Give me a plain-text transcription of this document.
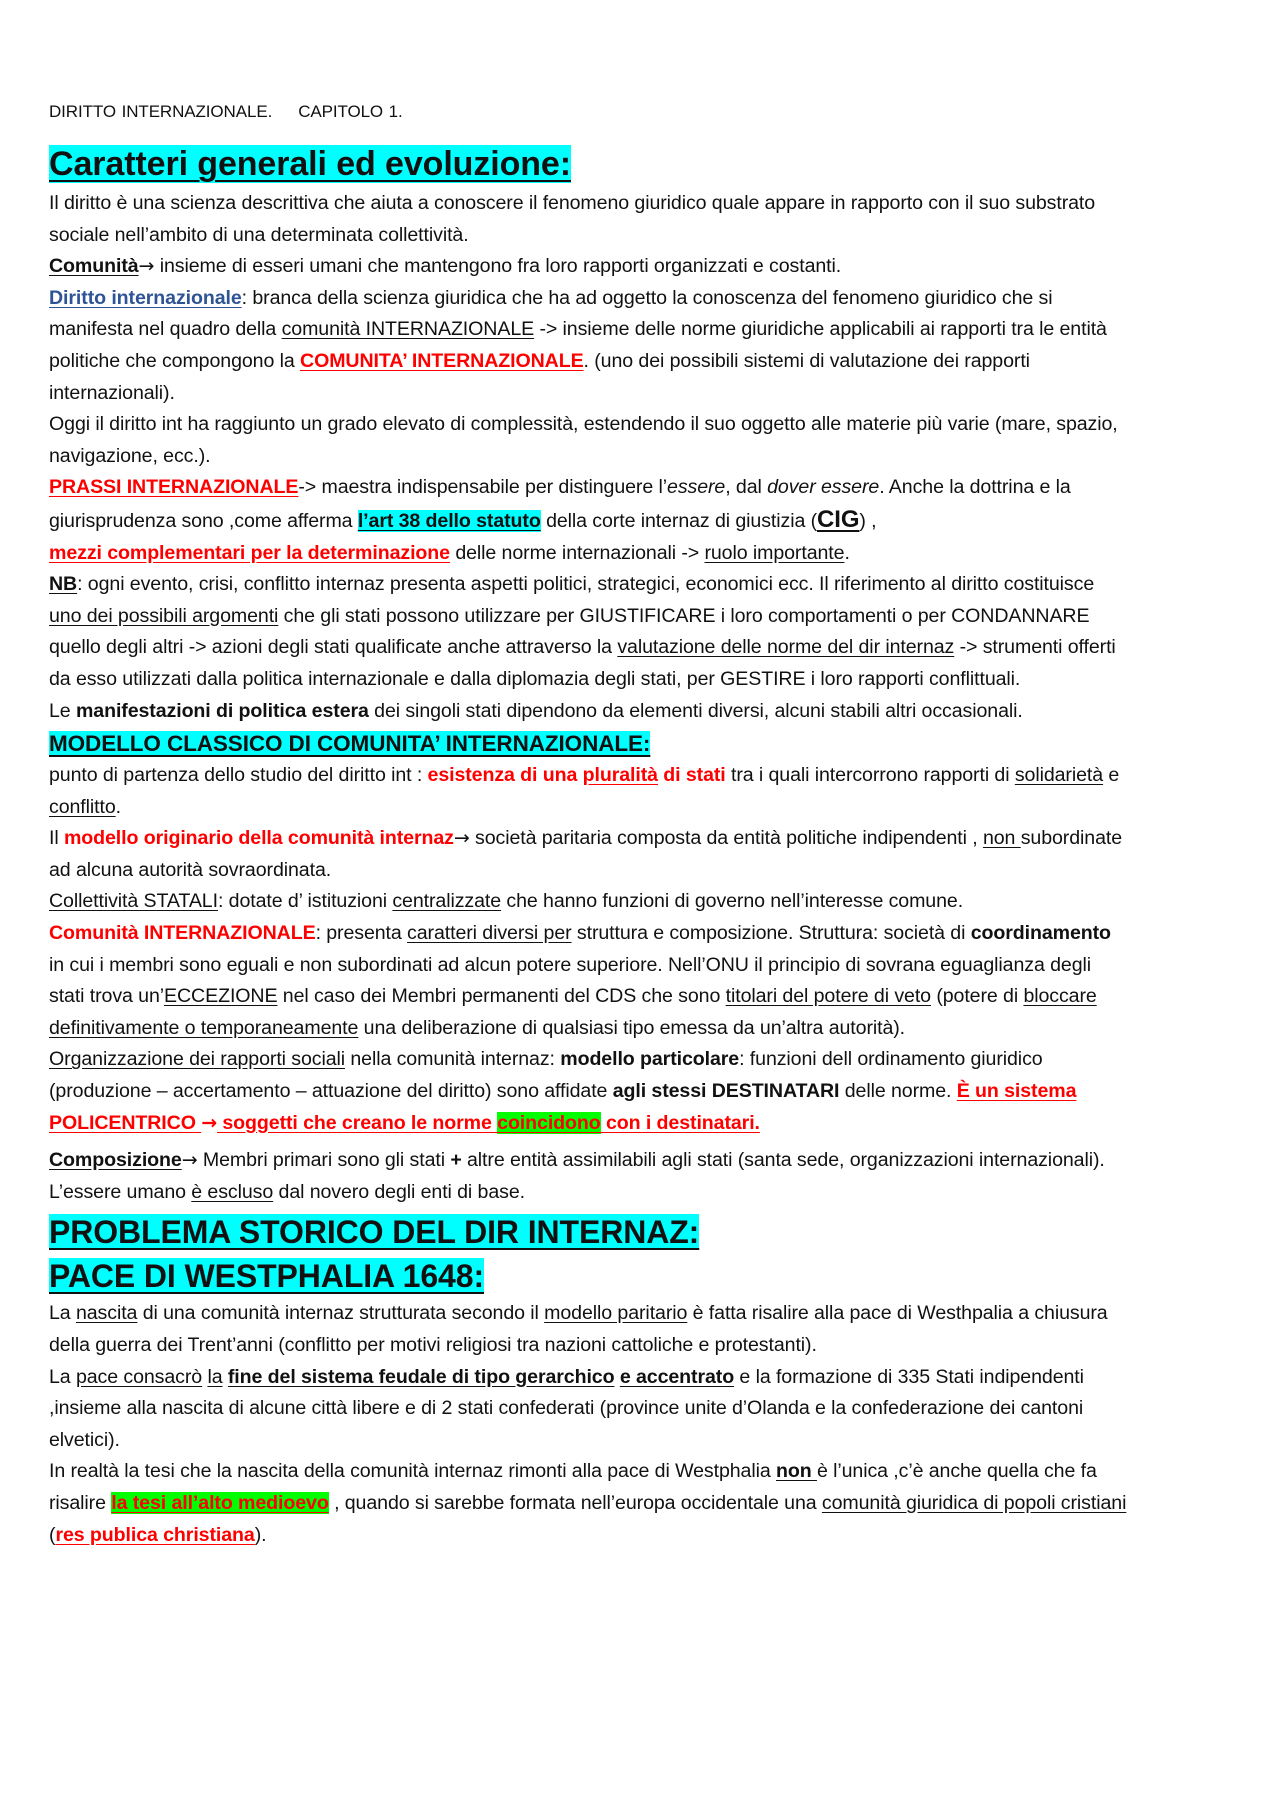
DIRITTO INTERNAZIONALE. CAPITOLO 1.
Caratteri generali ed evoluzione:

Il diritto è una scienza descrittiva che aiuta a conoscere il fenomeno giuridico quale appare in rapporto con il suo substrato sociale nell’ambito di una determinata collettività.

Comunità→ insieme di esseri umani che mantengono fra loro rapporti organizzati e costanti.

Diritto internazionale: branca della scienza giuridica che ha ad oggetto la conoscenza del fenomeno giuridico che si manifesta nel quadro della comunità INTERNAZIONALE -> insieme delle norme giuridiche applicabili ai rapporti tra le entità politiche che compongono la COMUNITA’ INTERNAZIONALE. (uno dei possibili sistemi di valutazione dei rapporti internazionali).

Oggi il diritto int ha raggiunto un grado elevato di complessità, estendendo il suo oggetto alle materie più varie (mare, spazio, navigazione, ecc.).

PRASSI INTERNAZIONALE-> maestra indispensabile per distinguere l’essere, dal dover essere. Anche la dottrina e la giurisprudenza sono ,come afferma l’art 38 dello statuto della corte internaz di giustizia (CIG) ,
mezzi complementari per la determinazione delle norme internazionali -> ruolo importante.

NB: ogni evento, crisi, conflitto internaz presenta aspetti politici, strategici, economici ecc. Il riferimento al diritto costituisce uno dei possibili argomenti che gli stati possono utilizzare per GIUSTIFICARE i loro comportamenti o per CONDANNARE quello degli altri -> azioni degli stati qualificate anche attraverso la valutazione delle norme del dir internaz -> strumenti offerti da esso utilizzati dalla politica internazionale e dalla diplomazia degli stati, per GESTIRE i loro rapporti conflittuali.

Le manifestazioni di politica estera dei singoli stati dipendono da elementi diversi, alcuni stabili altri occasionali.

MODELLO CLASSICO DI COMUNITA’ INTERNAZIONALE:

punto di partenza dello studio del diritto int : esistenza di una pluralità di stati tra i quali intercorrono rapporti di solidarietà e conflitto.

Il modello originario della comunità internaz→ società paritaria composta da entità politiche indipendenti , non subordinate ad alcuna autorità sovraordinata.

Collettività STATALI: dotate d’ istituzioni centralizzate che hanno funzioni di governo nell’interesse comune.

Comunità INTERNAZIONALE: presenta caratteri diversi per struttura e composizione. Struttura: società di coordinamento in cui i membri sono eguali e non subordinati ad alcun potere superiore. Nell’ONU il principio di sovrana eguaglianza degli stati trova un’ECCEZIONE nel caso dei Membri permanenti del CDS che sono titolari del potere di veto (potere di bloccare definitivamente o temporaneamente una deliberazione di qualsiasi tipo emessa da un’altra autorità).

Organizzazione dei rapporti sociali nella comunità internaz: modello particolare: funzioni dell ordinamento giuridico (produzione – accertamento – attuazione del diritto) sono affidate agli stessi DESTINATARI delle norme. È un sistema POLICENTRICO → soggetti che creano le norme coincidono con i destinatari.

Composizione→ Membri primari sono gli stati + altre entità assimilabili agli stati (santa sede, organizzazioni internazionali). L’essere umano è escluso dal novero degli enti di base.

PROBLEMA STORICO DEL DIR INTERNAZ:
PACE DI WESTPHALIA 1648:

La nascita di una comunità internaz strutturata secondo il modello paritario è fatta risalire alla pace di Westhpalia a chiusura della guerra dei Trent’anni (conflitto per motivi religiosi tra nazioni cattoliche e protestanti).

La pace consacrò la fine del sistema feudale di tipo gerarchico e accentrato e la formazione di 335 Stati indipendenti ,insieme alla nascita di alcune città libere e di 2 stati confederati (province unite d’Olanda e la confederazione dei cantoni elvetici).

In realtà la tesi che la nascita della comunità internaz rimonti alla pace di Westphalia non è l’unica ,c’è anche quella che fa risalire la tesi all’alto medioevo , quando si sarebbe formata nell’europa occidentale una comunità giuridica di popoli cristiani (res publica christiana).
